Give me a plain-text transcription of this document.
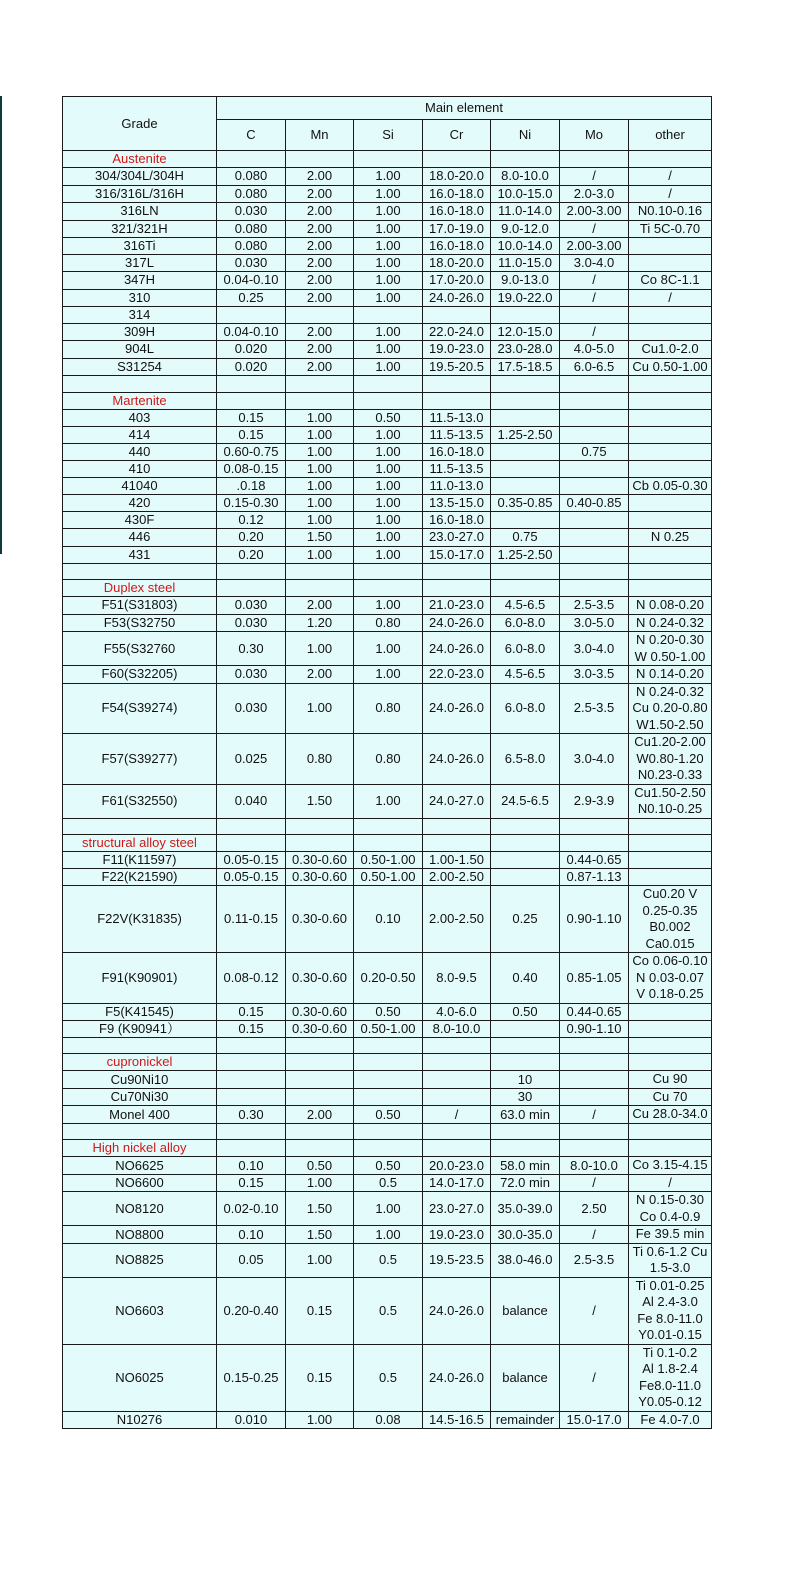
Grade	Main element						
	C	Mn	Si	Cr	Ni	Mo	other
Austenite							
304/304L/304H	0.080	2.00	1.00	18.0-20.0	8.0-10.0	/	/

316/316L/316H	0.080	2.00	1.00	16.0-18.0	10.0-15.0	2.0-3.0	/

316LN	0.030	2.00	1.00	16.0-18.0	11.0-14.0	2.00-3.00	N0.10-0.16

321/321H	0.080	2.00	1.00	17.0-19.0	9.0-12.0	/	Ti 5C-0.70

316Ti	0.080	2.00	1.00	16.0-18.0	10.0-14.0	2.00-3.00	
317L	0.030	2.00	1.00	18.0-20.0	11.0-15.0	3.0-4.0	
347H	0.04-0.10	2.00	1.00	17.0-20.0	9.0-13.0	/	Co 8C-1.1

310	0.25	2.00	1.00	24.0-26.0	19.0-22.0	/	/

314							
309H	0.04-0.10	2.00	1.00	22.0-24.0	12.0-15.0	/	
904L	0.020	2.00	1.00	19.0-23.0	23.0-28.0	4.0-5.0	Cu1.0-2.0

S31254	0.020	2.00	1.00	19.5-20.5	17.5-18.5	6.0-6.5	Cu 0.50-1.00

Martenite							
403	0.15	1.00	0.50	11.5-13.0			
414	0.15	1.00	1.00	11.5-13.5	1.25-2.50		
440	0.60-0.75	1.00	1.00	16.0-18.0		0.75	
410	0.08-0.15	1.00	1.00	11.5-13.5			
41040	.0.18	1.00	1.00	11.0-13.0			Cb 0.05-0.30

420	0.15-0.30	1.00	1.00	13.5-15.0	0.35-0.85	0.40-0.85	
430F	0.12	1.00	1.00	16.0-18.0			
446	0.20	1.50	1.00	23.0-27.0	0.75		N 0.25

431	0.20	1.00	1.00	15.0-17.0	1.25-2.50		

Duplex steel							
F51(S31803)	0.030	2.00	1.00	21.0-23.0	4.5-6.5	2.5-3.5	N 0.08-0.20

F53(S32750	0.030	1.20	0.80	24.0-26.0	6.0-8.0	3.0-5.0	N 0.24-0.32

F55(S32760	0.30	1.00	1.00	24.0-26.0	6.0-8.0	3.0-4.0	N 0.20-0.30
W 0.50-1.00

F60(S32205)	0.030	2.00	1.00	22.0-23.0	4.5-6.5	3.0-3.5	N 0.14-0.20

F54(S39274)	0.030	1.00	0.80	24.0-26.0	6.0-8.0	2.5-3.5	N 0.24-0.32
Cu 0.20-0.80
W1.50-2.50

F57(S39277)	0.025	0.80	0.80	24.0-26.0	6.5-8.0	3.0-4.0	Cu1.20-2.00
W0.80-1.20
N0.23-0.33

F61(S32550)	0.040	1.50	1.00	24.0-27.0	24.5-6.5	2.9-3.9	Cu1.50-2.50
N0.10-0.25

structural alloy steel							
F11(K11597)	0.05-0.15	0.30-0.60	0.50-1.00	1.00-1.50		0.44-0.65	
F22(K21590)	0.05-0.15	0.30-0.60	0.50-1.00	2.00-2.50		0.87-1.13	
F22V(K31835)	0.11-0.15	0.30-0.60	0.10	2.00-2.50	0.25	0.90-1.10	Cu0.20 V
0.25-0.35
B0.002
Ca0.015

F91(K90901)	0.08-0.12	0.30-0.60	0.20-0.50	8.0-9.5	0.40	0.85-1.05	Co 0.06-0.10
N 0.03-0.07
V 0.18-0.25

F5(K41545)	0.15	0.30-0.60	0.50	4.0-6.0	0.50	0.44-0.65	
F9 (K90941）	0.15	0.30-0.60	0.50-1.00	8.0-10.0		0.90-1.10	

cupronickel							
Cu90Ni10					10		Cu 90

Cu70Ni30					30		Cu 70

Monel 400	0.30	2.00	0.50	/	63.0 min	/	Cu 28.0-34.0

High nickel alloy							
NO6625	0.10	0.50	0.50	20.0-23.0	58.0 min	8.0-10.0	Co 3.15-4.15

NO6600	0.15	1.00	0.5	14.0-17.0	72.0 min	/	/

NO8120	0.02-0.10	1.50	1.00	23.0-27.0	35.0-39.0	2.50	N 0.15-0.30
Co 0.4-0.9

NO8800	0.10	1.50	1.00	19.0-23.0	30.0-35.0	/	Fe 39.5 min

NO8825	0.05	1.00	0.5	19.5-23.5	38.0-46.0	2.5-3.5	Ti 0.6-1.2 Cu
1.5-3.0

NO6603	0.20-0.40	0.15	0.5	24.0-26.0	balance	/	Ti 0.01-0.25
Al 2.4-3.0
Fe 8.0-11.0
Y0.01-0.15

NO6025	0.15-0.25	0.15	0.5	24.0-26.0	balance	/	Ti 0.1-0.2
Al 1.8-2.4
Fe8.0-11.0
Y0.05-0.12

N10276	0.010	1.00	0.08	14.5-16.5	remainder	15.0-17.0	Fe 4.0-7.0
